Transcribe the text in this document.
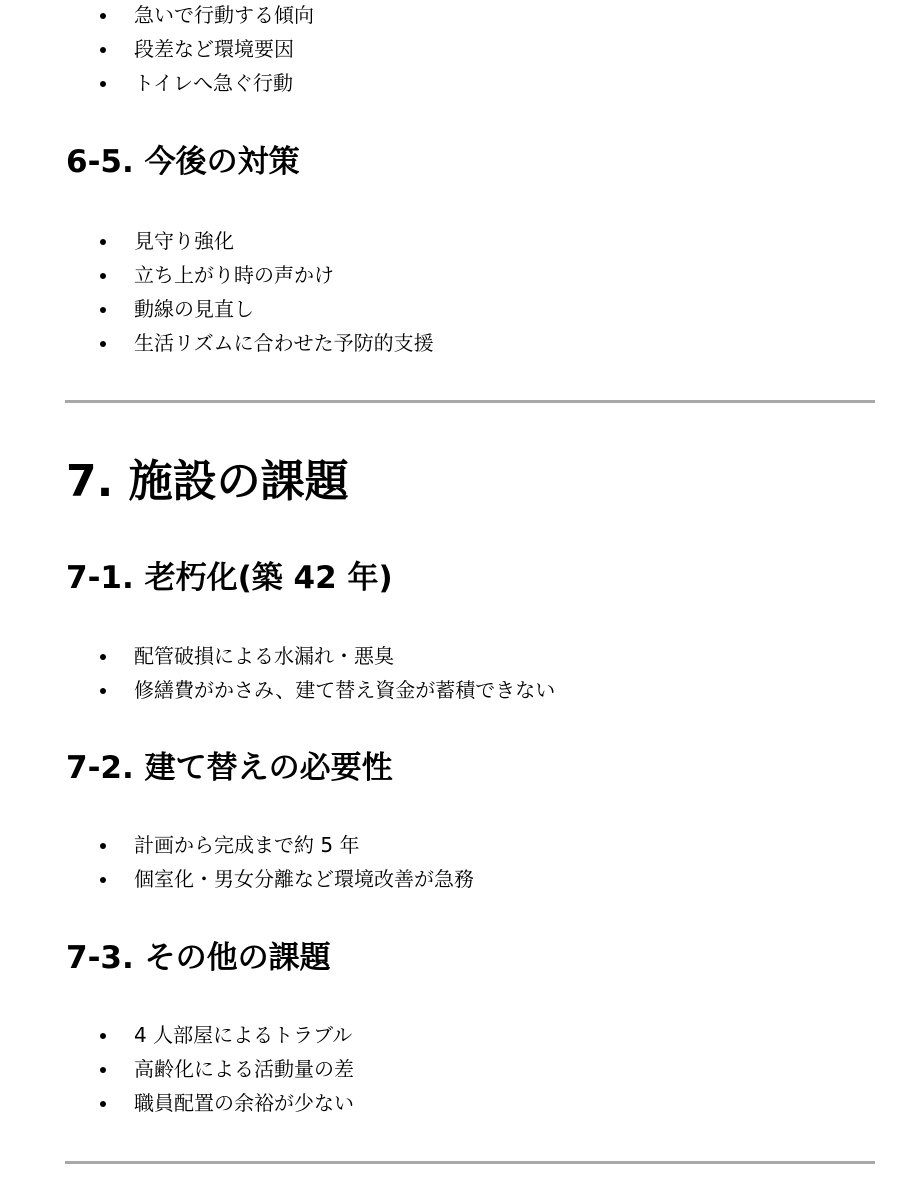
急いで行動する傾向
段差など環境要因
トイレへ急ぐ行動
6-5. 今後の対策
見守り強化
立ち上がり時の声かけ
動線の見直し
生活リズムに合わせた予防的支援
7. 施設の課題
7-1. 老朽化(築 42 年)
配管破損による水漏れ・悪臭
修繕費がかさみ、建て替え資金が蓄積できない
7-2. 建て替えの必要性
計画から完成まで約 5 年
個室化・男女分離など環境改善が急務
7-3. その他の課題
4 人部屋によるトラブル
高齢化による活動量の差
職員配置の余裕が少ない
